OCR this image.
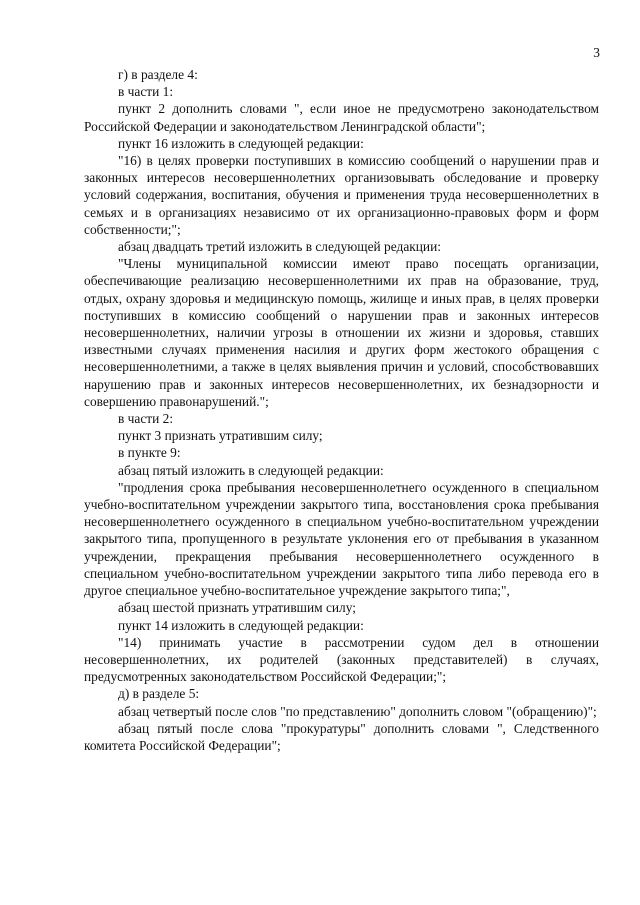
3

г) в разделе 4:

в части 1:

пункт 2 дополнить словами ", если иное не предусмотрено законодательством Российской Федерации и законодательством Ленинградской области";

пункт 16 изложить в следующей редакции:

"16) в целях проверки поступивших в комиссию сообщений о нарушении прав и законных интересов несовершеннолетних организовывать обследование и проверку условий содержания, воспитания, обучения и применения труда несовершеннолетних в семьях и в организациях независимо от их организационно-правовых форм и форм собственности;";

абзац двадцать третий изложить в следующей редакции:

"Члены муниципальной комиссии имеют право посещать организации, обеспечивающие реализацию несовершеннолетними их прав на образование, труд, отдых, охрану здоровья и медицинскую помощь, жилище и иных прав, в целях проверки поступивших в комиссию сообщений о нарушении прав и законных интересов несовершеннолетних, наличии угрозы в отношении их жизни и здоровья, ставших известными случаях применения насилия и других форм жестокого обращения с несовершеннолетними, а также в целях выявления причин и условий, способствовавших нарушению прав и законных интересов несовершеннолетних, их безнадзорности и совершению правонарушений.";

в части 2:

пункт 3 признать утратившим силу;

в пункте 9:

абзац пятый изложить в следующей редакции:

"продления срока пребывания несовершеннолетнего осужденного в специальном учебно-воспитательном учреждении закрытого типа, восстановления срока пребывания несовершеннолетнего осужденного в специальном учебно-воспитательном учреждении закрытого типа, пропущенного в результате уклонения его от пребывания в указанном учреждении, прекращения пребывания несовершеннолетнего осужденного в специальном учебно-воспитательном учреждении закрытого типа либо перевода его в другое специальное учебно-воспитательное учреждение закрытого типа;",

абзац шестой признать утратившим силу;

пункт 14 изложить в следующей редакции:

"14) принимать участие в рассмотрении судом дел в отношении несовершеннолетних, их родителей (законных представителей) в случаях, предусмотренных законодательством Российской Федерации;";

д) в разделе 5:

абзац четвертый после слов "по представлению" дополнить словом "(обращению)";

абзац пятый после слова "прокуратуры" дополнить словами ", Следственного комитета Российской Федерации";
